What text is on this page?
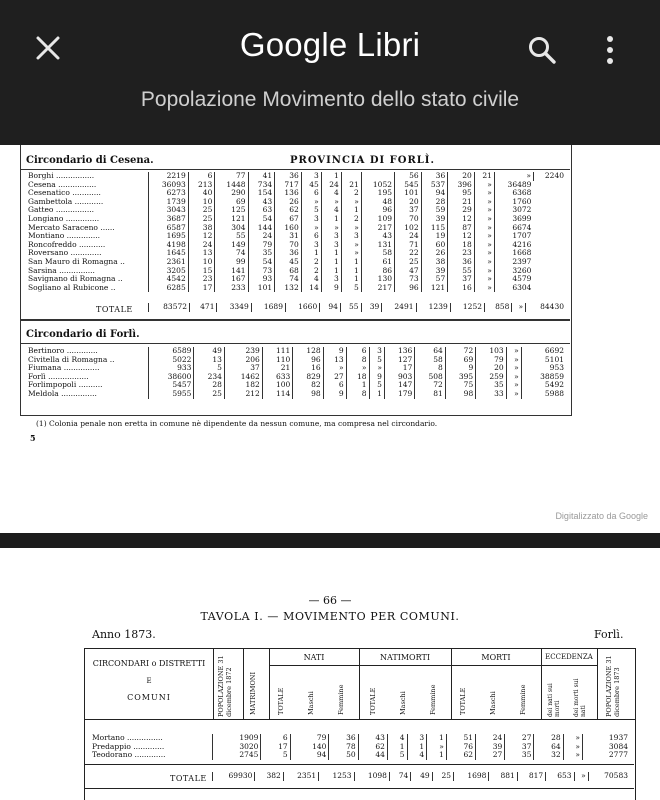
Google Libri
Popolazione Movimento dello stato civile
Circondario di Cesena.	PROVINCIA DI FORLÌ.
Borghi ................	2219	6	77	41	36	3	1			56	36	20	21	»	2240
Cesena ................	36093	213	1448	734	717	45	24	21	1052	545	537	396	»	36489	
Cesenatico ............	6273	40	290	154	136	6	4	2	195	101	94	95	»	6368	
Gambettola ............	1739	10	69	43	26	»	»	»	48	20	28	21	»	1760	
Gatteo ................	3043	25	125	63	62	5	4	1	96	37	59	29	»	3072	
Longiano ..............	3687	25	121	54	67	3	1	2	109	70	39	12	»	3699	
Mercato Saraceno ......	6587	38	304	144	160	»	»	»	217	102	115	87	»	6674	
Montiano ..............	1695	12	55	24	31	6	3	3	43	24	19	12	»	1707	
Roncofreddo ...........	4198	24	149	79	70	3	3	»	131	71	60	18	»	4216	
Roversano .............	1645	13	74	35	36	1	1	»	58	22	26	23	»	1668	
San Mauro di Romagna ..	2361	10	99	54	45	2	1	1	61	25	38	36	»	2397	
Sarsina ...............	3205	15	141	73	68	2	1	1	86	47	39	55	»	3260	
Savignano di Romagna ..	4542	23	167	93	74	4	3	1	130	73	57	37	»	4579	
Sogliano al Rubicone ..	6285	17	233	101	132	14	9	5	217	96	121	16	»	6304	
TOTALE
		83572	471	3349	1689	1660	94	55	39	2491	1239	1252	858	»	84430
Circondario di Forlì.
Bertinoro .............	6589	49	239	111	128	9	6	3	136	64	72	103	»	6692
Civitella di Romagna ..	5022	13	206	110	96	13	8	5	127	58	69	79	»	5101
Fiumana ...............	933	5	37	21	16	»	»	»	17	8	9	20	»	953
Forlì .................	38600	234	1462	633	829	27	18	9	903	508	395	259	»	38859
Forlimpopoli ..........	5457	28	182	100	82	6	1	5	147	72	75	35	»	5492
Meldola ...............	5955	25	212	114	98	9	8	1	179	81	98	33	»	5988
(1) Colonia penale non eretta in comune nè dipendente da nessun comune, ma compresa nel circondario.
5
Digitalizzato da Google
— 66 —
TAVOLA I. — MOVIMENTO PER COMUNI.
Anno 1873.	Forlì.
CIRCONDARI o DISTRETTI
E
COMUNI	POPOLAZIONE 31 dicembre 1872 MATRIMONI
NATI	NATIMORTI	MORTI	ECCEDENZA	POPOLAZIONE 31 dicembre 1873
TOTALE	Maschi	Femmine	TOTALE	Maschi	Femmine	TOTALE	Maschi	Femmine	dei nati sui morti dei morti sui nati
Mortano ...............	1909	6	79	36	43	4	3	1	51	24	27	28	»	1937
Predappio .............	3020	17	140	78	62	1	1	»	76	39	37	64	»	3084
Teodorano .............	2745	5	94	50	44	5	4	1	62	27	35	32	»	2777
TOTALE
		69930	382	2351	1253	1098	74	49	25	1698	881	817	653	»	70583
